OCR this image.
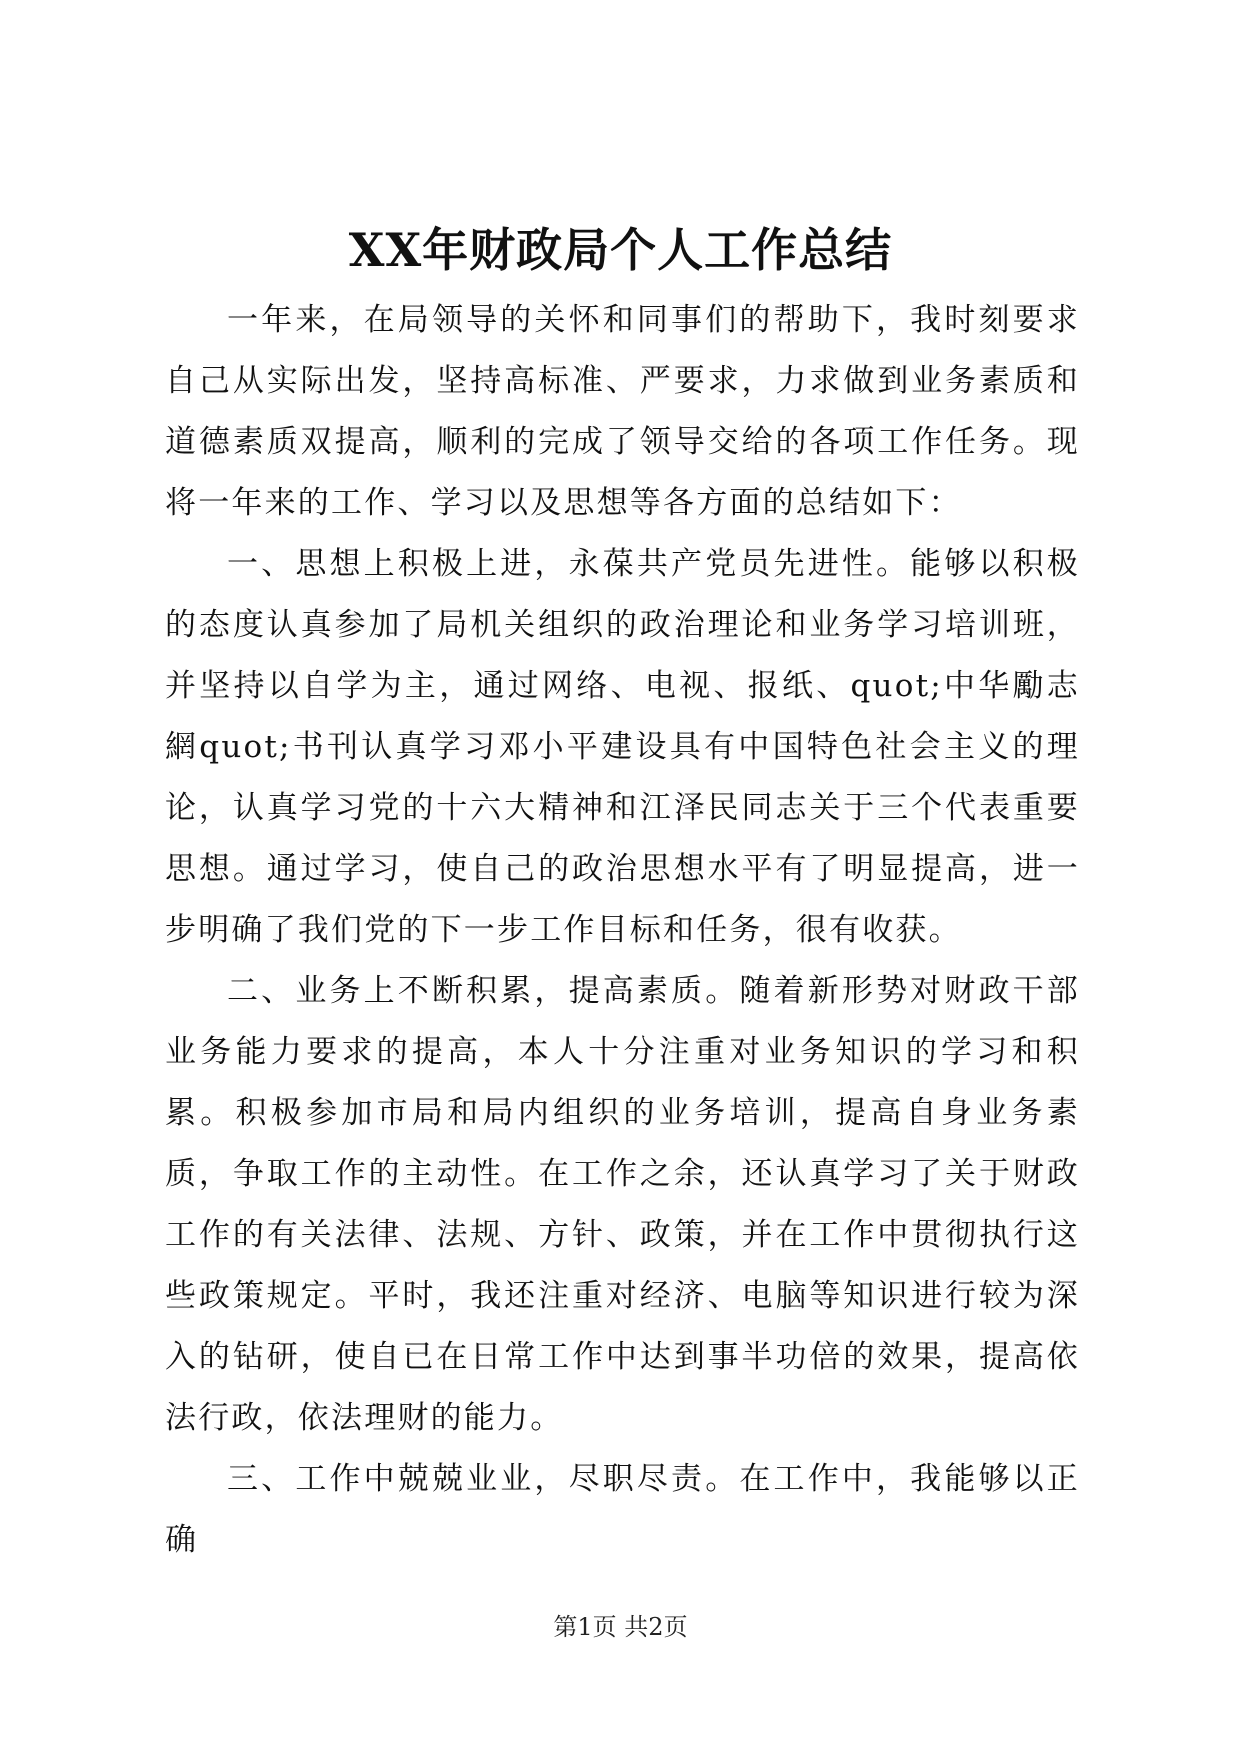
XX年财政局个人工作总结

一年来，在局领导的关怀和同事们的帮助下，我时刻要求自己从实际出发，坚持高标准、严要求，力求做到业务素质和道德素质双提高，顺利的完成了领导交给的各项工作任务。现将一年来的工作、学习以及思想等各方面的总结如下：

一、思想上积极上进，永葆共产党员先进性。能够以积极的态度认真参加了局机关组织的政治理论和业务学习培训班，并坚持以自学为主，通过网络、电视、报纸、quot;中华勵志網quot;书刊认真学习邓小平建设具有中国特色社会主义的理论，认真学习党的十六大精神和江泽民同志关于三个代表重要思想。通过学习，使自己的政治思想水平有了明显提高，进一步明确了我们党的下一步工作目标和任务，很有收获。

二、业务上不断积累，提高素质。随着新形势对财政干部业务能力要求的提高，本人十分注重对业务知识的学习和积累。积极参加市局和局内组织的业务培训，提高自身业务素质，争取工作的主动性。在工作之余，还认真学习了关于财政工作的有关法律、法规、方针、政策，并在工作中贯彻执行这些政策规定。平时，我还注重对经济、电脑等知识进行较为深入的钻研，使自已在日常工作中达到事半功倍的效果，提高依法行政，依法理财的能力。

三、工作中兢兢业业，尽职尽责。在工作中，我能够以正确

第1页 共2页
